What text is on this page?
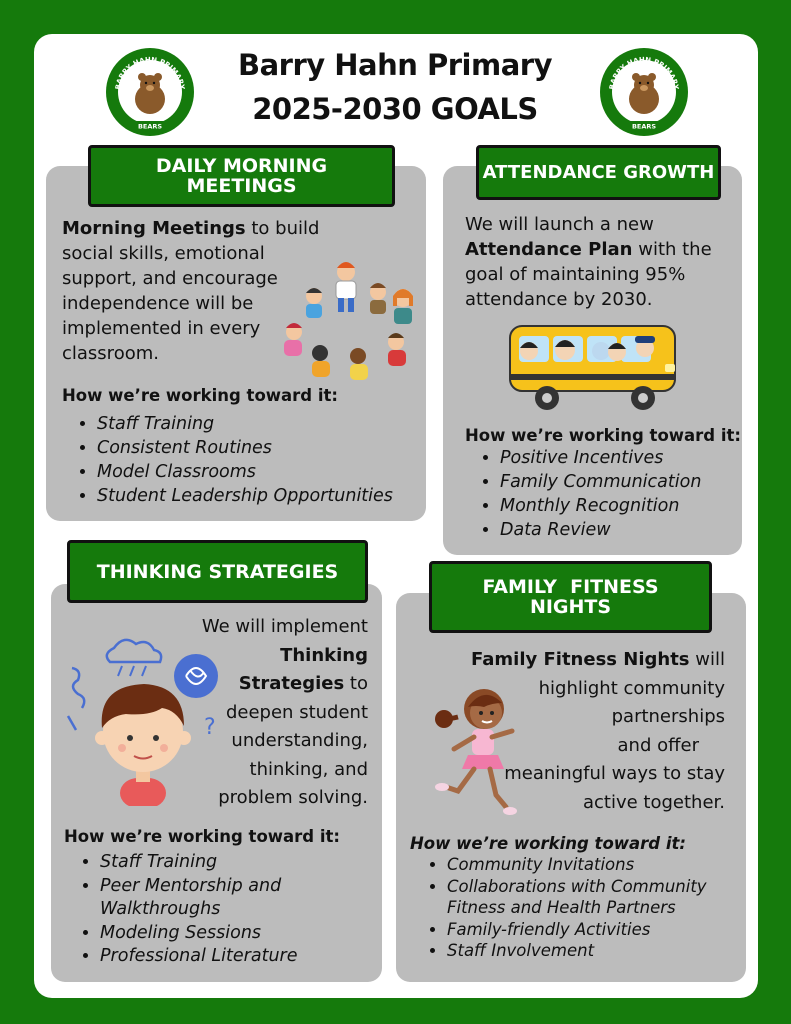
BARRY HAHN PRIMARY
BEARS
BARRY HAHN PRIMARY
BEARS
Barry Hahn Primary
2025-2030 GOALS
DAILY MORNING MEETINGS
Morning Meetings to build
social skills, emotional
support, and encourage
independence will be
implemented in every
classroom.
How we’re working toward it:
• Staff Training
• Consistent Routines
• Model Classrooms
• Student Leadership Opportunities
ATTENDANCE GROWTH
We will launch a new
Attendance Plan with the
goal of maintaining 95%
attendance by 2030.
How we’re working toward it:
• Positive Incentives
• Family Communication
• Monthly Recognition
• Data Review
THINKING STRATEGIES
We will implement
Thinking
Strategies to
deepen student
understanding,
thinking, and
problem solving.
?
How we’re working toward it:
• Staff Training
• Peer Mentorship and Walkthroughs
• Modeling Sessions
• Professional Literature
FAMILY  FITNESS
NIGHTS
Family Fitness Nights will
highlight community
partnerships
and offer
meaningful ways to stay
active together.
How we’re working toward it:
• Community Invitations
• Collaborations with Community Fitness and Health Partners
• Family-friendly Activities
• Staff Involvement
